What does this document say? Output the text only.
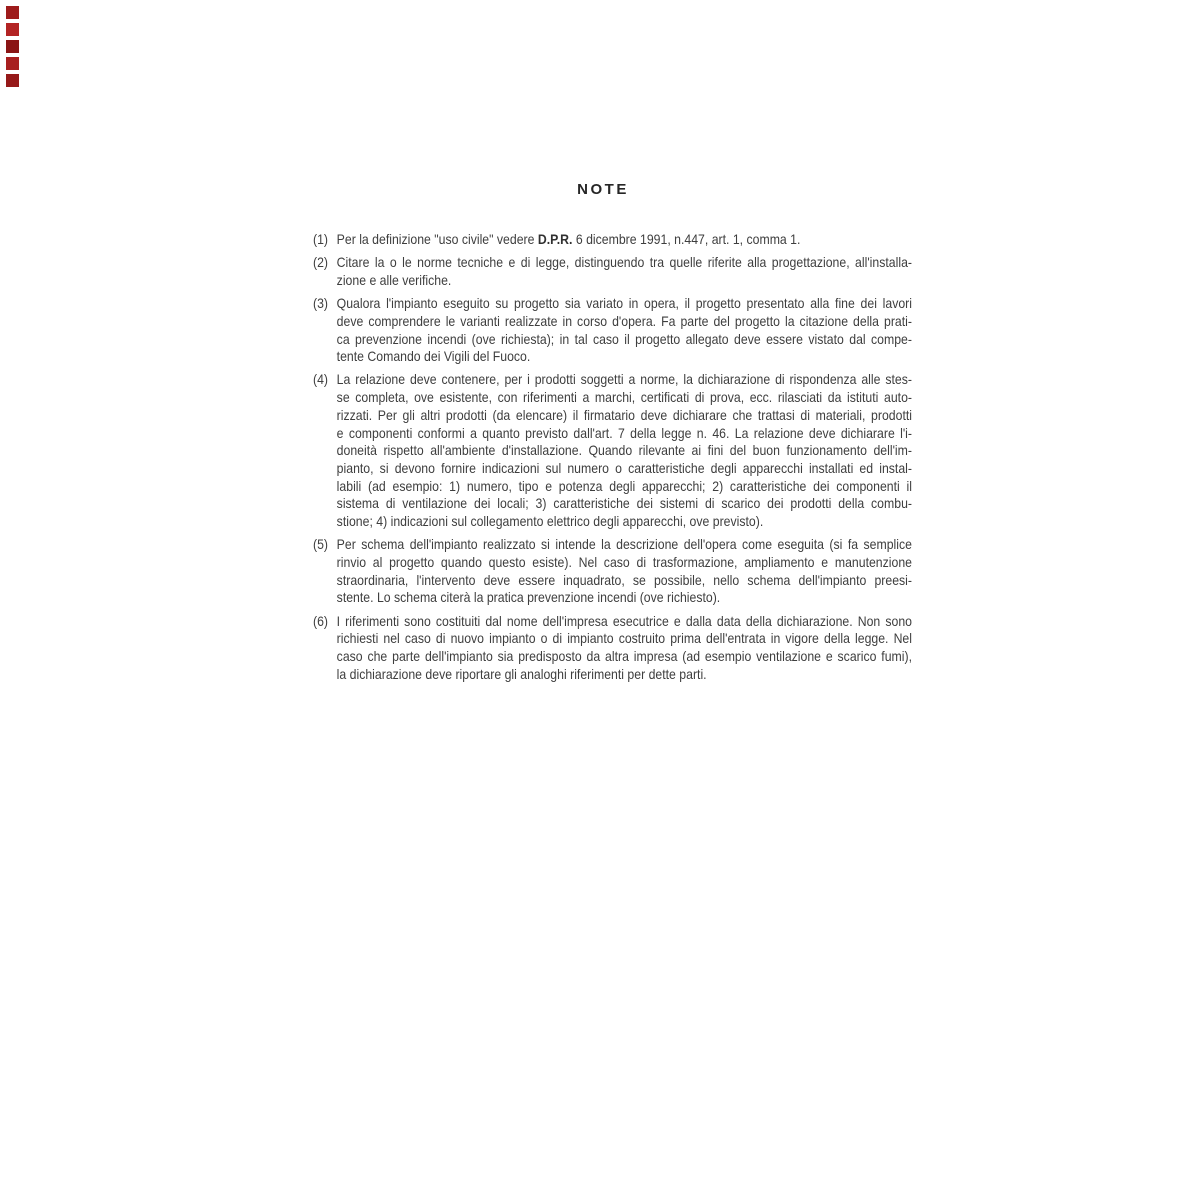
NOTE
(1) Per la definizione "uso civile" vedere D.P.R. 6 dicembre 1991, n.447, art. 1, comma 1.
(2) Citare la o le norme tecniche e di legge, distinguendo tra quelle riferite alla progettazione, all'installa-
zione e alle verifiche.
(3) Qualora l'impianto eseguito su progetto sia variato in opera, il progetto presentato alla fine dei lavori
deve comprendere le varianti realizzate in corso d'opera. Fa parte del progetto la citazione della prati-
ca prevenzione incendi (ove richiesta); in tal caso il progetto allegato deve essere vistato dal compe-
tente Comando dei Vigili del Fuoco.
(4) La relazione deve contenere, per i prodotti soggetti a norme, la dichiarazione di rispondenza alle stes-
se completa, ove esistente, con riferimenti a marchi, certificati di prova, ecc. rilasciati da istituti auto-
rizzati. Per gli altri prodotti (da elencare) il firmatario deve dichiarare che trattasi di materiali, prodotti
e componenti conformi a quanto previsto dall'art. 7 della legge n. 46. La relazione deve dichiarare l'i-
doneità rispetto all'ambiente d'installazione. Quando rilevante ai fini del buon funzionamento dell'im-
pianto, si devono fornire indicazioni sul numero o caratteristiche degli apparecchi installati ed instal-
labili (ad esempio: 1) numero, tipo e potenza degli apparecchi; 2) caratteristiche dei componenti il
sistema di ventilazione dei locali; 3) caratteristiche dei sistemi di scarico dei prodotti della combu-
stione; 4) indicazioni sul collegamento elettrico degli apparecchi, ove previsto).
(5) Per schema dell'impianto realizzato si intende la descrizione dell'opera come eseguita (si fa semplice
rinvio al progetto quando questo esiste). Nel caso di trasformazione, ampliamento e manutenzione
straordinaria, l'intervento deve essere inquadrato, se possibile, nello schema dell'impianto preesi-
stente. Lo schema citerà la pratica prevenzione incendi (ove richiesto).
(6) I riferimenti sono costituiti dal nome dell'impresa esecutrice e dalla data della dichiarazione. Non sono
richiesti nel caso di nuovo impianto o di impianto costruito prima dell'entrata in vigore della legge. Nel
caso che parte dell'impianto sia predisposto da altra impresa (ad esempio ventilazione e scarico fumi),
la dichiarazione deve riportare gli analoghi riferimenti per dette parti.
